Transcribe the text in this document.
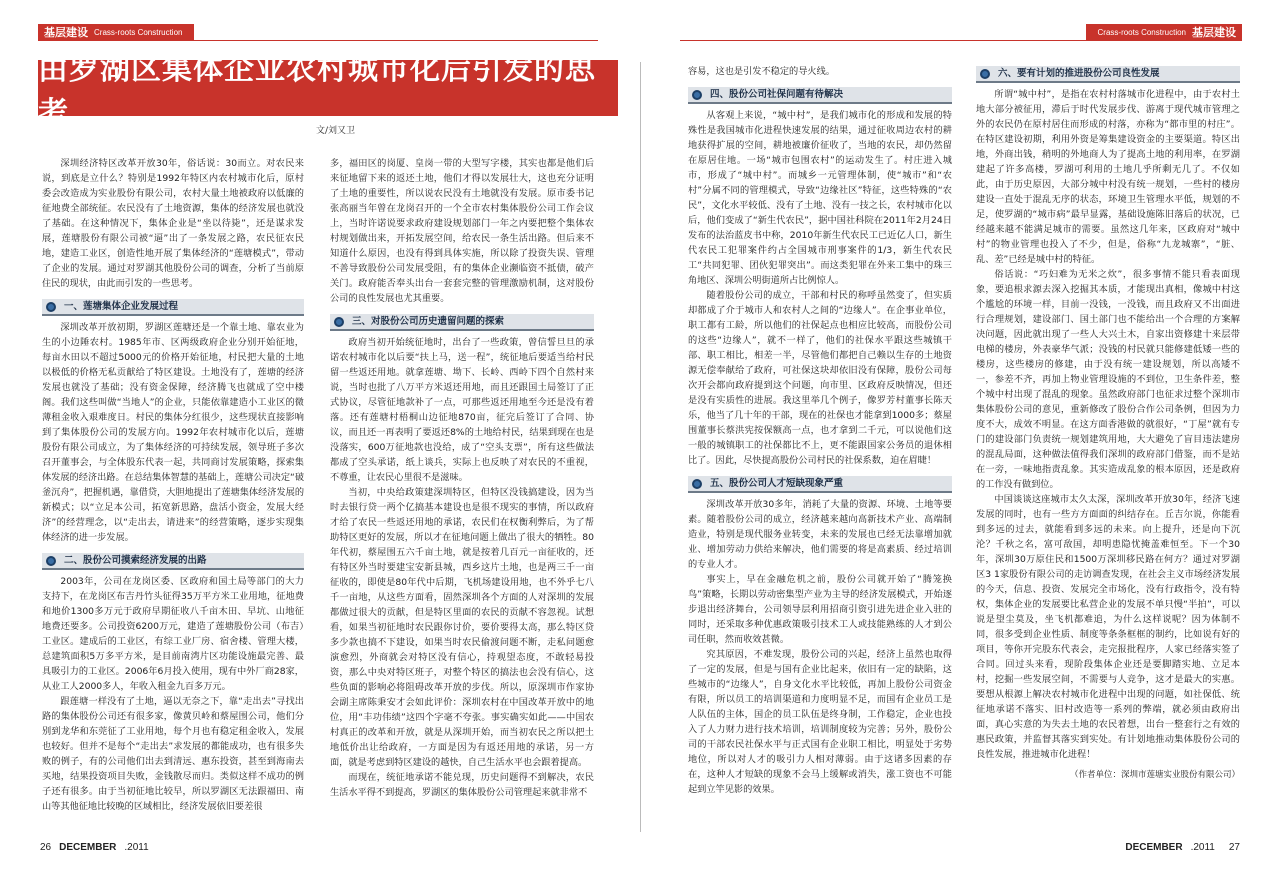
基层建设 Crass-roots Construction	Crass-roots Construction 基层建设
由罗湖区集体企业农村城市化后引发的思考	文/刘又卫

深圳经济特区改革开放30年，俗话说：30而立。对农民来说，到底是立什么？特别是1992年特区内农村城市化后，原村委会改造成为实业股份有限公司，农村大量土地被政府以低廉的征地费全部统征。农民没有了土地资源，集体的经济发展也就没了基础。在这种情况下，集体企业是“坐以待毙”，还是谋求发展，莲塘股份有限公司被“逼”出了一条发展之路，农民征农民地，建造工业区，创造性地开展了集体经济的“莲塘模式”，带动了企业的发展。通过对罗湖其他股份公司的调查，分析了当前原住民的现状，由此而引发的一些思考。

一、莲塘集体企业发展过程

深圳改革开放初期，罗湖区莲塘还是一个靠土地、靠农业为生的小边陲农村。1985年市、区两级政府企业分别开始征地，每亩水田以不超过5000元的价格开始征地，村民把大量的土地以极低的价格无私贡献给了特区建设。土地没有了，莲塘的经济发展也就没了基础；没有资金保障，经济腾飞也就成了空中楼阁。我们这些叫做“当地人”的企业，只能依靠建造小工业区的微薄租金收入艰难度日。村民的集体分红很少，这些现状直接影响到了集体股份公司的发展方向。1992年农村城市化以后，莲塘股份有限公司成立，为了集体经济的可持续发展，领导班子多次召开董事会，与全体股东代表一起，共同商讨发展策略，探索集体发展的经济出路。在总结集体智慧的基础上，莲塘公司决定“破釜沉舟”，把握机遇，靠借贷，大胆地提出了莲塘集体经济发展的新模式；以“立足本公司，拓宽新思路，盘活小资金，发展大经济”的经营理念，以“走出去，请进来”的经营策略，逐步实现集体经济的进一步发展。

二、股份公司摸索经济发展的出路

2003年，公司在龙岗区委、区政府和国土局等部门的大力支持下，在龙岗区布吉丹竹头征得35万平方米工业用地，征地费和地价1300多万元于政府早期征收八千亩木田、早坑、山地征地费还要多。公司投资6200万元，建造了莲塘股份公司（布吉）工业区。建成后的工业区，有综工业厂房、宿舍楼、管理大楼，总建筑面积5万多平方米，是目前南湾片区功能设施最完善、最具吸引力的工业区。2006年6月投入使用，现有中外厂商28家，从业工人2000多人，年收入租金九百多万元。

跟莲塘一样没有了土地，逼以无奈之下，靠“走出去”寻找出路的集体股份公司还有很多家，像黄贝岭和蔡屋围公司，他们分别到龙华和东莞征了工业用地，每个月也有稳定租金收入，发展也较好。但并不是每个“走出去”求发展的都能成功，也有很多失败的例子，有的公司他们出去到清远、惠东投资，甚至到海南去买地，结果投资项目失败，金钱散尽而归。类似这样不成功的例子还有很多。由于当初征地比较早，所以罗湖区无法跟福田、南山等其他征地比较晚的区域相比，经济发展依旧要差很

多，福田区的岗厦、皇岗一带的大型写字楼，其实也都是他们后来征地留下来的返还土地，他们才得以发展壮大，这也充分证明了土地的重要性，所以说农民没有土地就没有发展。原市委书记张高丽当年曾在龙岗召开的一个全市农村集体股份公司工作会议上，当时许诺说要求政府建设规划部门一年之内要把整个集体农村规划做出来，开拓发展空间，给农民一条生活出路。但后来不知道什么原因，也没有得到具体实施，所以除了投资失误、管理不善导致股份公司发展受阻，有的集体企业濒临资不抵债，破产关门。政府能否奉头出台一套套完整的管理激励机制，这对股份公司的良性发展也尤其重要。

三、对股份公司历史遗留问题的探索

政府当初开始统征地时，出台了一些政策，曾信誓旦旦的承诺农村城市化以后要“扶上马，送一程”，统征地后要适当给村民留一些返还用地。就拿莲塘、坳下、长岭、西岭下四个自然村来说，当时也批了八万平方米返还用地，而且还跟国土局签订了正式协议，尽管征地款补了一点，可那些返还用地至今还是没有着落。还有莲塘村梧桐山边征地870亩，征完后签订了合同、协议，而且还一再表明了要返还8%的土地给村民，结果到现在也是没落实，600万征地款也没给，成了“空头支票”，所有这些做法都成了空头承诺，纸上谈兵，实际上也反映了对农民的不重视，不尊重，让农民心里很不是滋味。

当初，中央给政策建深圳特区，但特区没钱搞建设，因为当时去银行贷一两个亿搞基本建设也是很不现实的事情，所以政府才给了农民一些返还用地的承诺，农民们在权衡利弊后，为了帮助特区更好的发展，所以才在征地问题上做出了很大的牺牲。80年代初，蔡屋围五六千亩土地，就是按着几百元一亩征收的，还有特区外当时要建宝安新县城，西乡这片土地，也是两三千一亩征收的，即使是80年代中后期，飞机场建设用地，也不外乎七八千一亩地，从这些方面看，固然深圳各个方面的人对深圳的发展都做过很大的贡献，但是特区里面的农民的贡献不容忽视。试想看，如果当初征地时农民跟你讨价，要价要得太高，那么特区贷多少款也搞不下建设，如果当时农民偷渡问题不断，走私问题愈演愈烈，外商就会对特区没有信心，持观望态度，不敢轻易投资，那么中央对特区班子，对整个特区的搞法也会没有信心，这些负面的影响必将阻碍改革开放的步伐。所以，原深圳市作家协会副主席陈秉安才会如此评价：深圳农村在中国改革开放中的地位，用“丰功伟绩”这四个字毫不夸张。事实确实如此——中国农村真正的改革和开放，就是从深圳开始，而当初农民之所以把土地低价出让给政府，一方面是因为有返还用地的承诺，另一方面，就是考虑到特区建设的越快，自己生活水平也会跟着提高。

而现在，统征地承诺不能兑现，历史问题得不到解决，农民生活水平得不到提高，罗湖区的集体股份公司管理起来就非常不

容易，这也是引发不稳定的导火线。

四、股份公司社保问题有待解决

从客观上来说，“城中村”，是我们城市化的形成和发展的特殊性是我国城市化进程快速发展的结果，通过征收周边农村的耕地获得扩展的空间，耕地被廉价征收了，当地的农民，却仍然留在原居住地。一场“城市包围农村”的运动发生了。村庄进入城市，形成了“城中村”。而城乡一元管理体制，使“城市”和“农村”分属不同的管理模式，导致“边缘社区”特征，这些特殊的“农民”，文化水平较低、没有了土地、没有一技之长，农村城市化以后，他们变成了“新生代农民”，据中国社科院在2011年2月24日发布的法治蓝皮书中称，2010年新生代农民工已近亿人口，新生代农民工犯罪案件约占全国城市刑事案件的1/3，新生代农民工“共同犯罪、团伙犯罪突出”。而这类犯罪在外来工集中的珠三角地区、深圳公明街道所占比例惊人。

随着股份公司的成立，干部和村民的称呼虽然变了，但实质却都成了介于城市人和农村人之间的“边缘人”。在企事业单位，职工都有工龄，所以他们的社保起点也相应比较高，而股份公司的这些“边缘人”，就不一样了，他们的社保水平跟这些城镇干部、职工相比，相差一半，尽管他们都把自己赖以生存的土地资源无偿奉献给了政府，可社保这块却依旧没有保障，股份公司每次开会都向政府提到这个问题，向市里、区政府反映情况，但还是没有实质性的进展。我这里举几个例子，像罗芳村董事长陈天乐，他当了几十年的干部，现在的社保也才能拿到1000多；蔡屋围董事长蔡洪宪按保额高一点，也才拿到二千元，可以说他们这一般的城镇职工的社保都比不上，更不能跟国家公务员的退休相比了。因此，尽快提高股份公司村民的社保系数，迫在眉睫！

五、股份公司人才短缺现象严重

深圳改革开放30多年，消耗了大量的资源、环境、土地等要素。随着股份公司的成立，经济越来越向高新技术产业、高端制造业，特别是现代服务业转变，未来的发展也已经无法靠增加就业、增加劳动力供给来解决，他们需要的将是高素质、经过培训的专业人才。

事实上，早在金融危机之前，股份公司就开始了“腾笼换鸟”策略，长期以劳动密集型产业为主导的经济发展模式，开始逐步退出经济舞台，公司领导层利用招商引资引进先进企业入驻的同时，还采取多种优惠政策吸引技术工人或技能熟练的人才到公司任职，然而收效甚微。

究其原因，不难发现，股份公司的兴起，经济上虽然也取得了一定的发展，但是与国有企业比起来，依旧有一定的缺陷，这些城市的“边缘人”，自身文化水平比较低，再加上股份公司资金有限，所以员工的培训渠道和力度明显不足，而国有企业员工是人队伍的主体，国企的员工队伍是终身制，工作稳定，企业也投入了人力财力进行技术培训，培训制度较为完善；另外，股份公司的干部农民社保水平与正式国有企业职工相比，明显处于劣势地位，所以对人才的吸引力人相对薄弱。由于这诸多因素的存在，这种人才短缺的现象不会马上缓解或消失，涨工资也不可能起到立竿见影的效果。

六、要有计划的推进股份公司良性发展

所谓“城中村”，是指在农村村落城市化进程中，由于农村土地大部分被征用，滞后于时代发展步伐、游离于现代城市管理之外的农民仍在原村居住而形成的村落，亦称为“都市里的村庄”。在特区建设初期，利用外资是筹集建设资金的主要渠道。特区出地，外商出钱，稍明的外地商人为了提高土地的利用率，在罗湖建起了许多高楼，罗湖可利用的土地几乎所剩无几了。不仅如此，由于历史原因，大部分城中村没有统一规划，一些村的楼房建设一直处于混乱无序的状态，环境卫生管理水平低，规划的不足，使罗湖的“城市病”最早显露，基础设施陈旧落后的状况，已经越来越不能满足城市的需要。虽然这几年来，区政府对“城中村”的物业管理也投入了不少，但是，俗称“九龙城寨”，“脏、乱、差”已经是城中村的特征。

俗话说：“巧妇难为无米之炊”，很多事情不能只看表面现象，要追根求源去深入挖掘其本质，才能现出真相，像城中村这个尴尬的环境一样，目前一没钱，一没钱，而且政府又不出面进行合理规划，建设部门、国土部门也不能给出一个合理的方案解决问题，因此就出现了一些人大兴土木，自家出资修建十来层带电梯的楼房，外表豪华气派；没钱的村民就只能修建低矮一些的楼房，这些楼房的修建，由于没有统一建设规划，所以高矮不一，参差不齐，再加上物业管理设施的不到位，卫生条件差，整个城中村出现了混乱的现象。虽然政府部门也征求过整个深圳市集体股份公司的意见，重新修改了股份合作公司条例，但因为力度不大，成效不明显。在这方面香港做的就很好，“丁屋”就有专门的建设部门负责统一规划建筑用地，大大避免了盲目违法建房的混乱局面，这种做法值得我们深圳的政府部门借鉴，而不是站在一旁，一味地指责乱象。其实造成乱象的根本原因，还是政府的工作没有做到位。

中国谈谈这座城市太久太深，深圳改革开放30年，经济飞速发展的同时，也有一些方方面面的纠结存在。丘吉尔说，你能看到多远的过去，就能看到多远的未来。向上提升，还是向下沉沦？千秋之名，富可敌国，却明患隐忧掩盖难恒至。下一个30年，深圳30万原住民和1500万深圳移民路在何方？通过对罗湖区3 1家股份有限公司的走访调查发现，在社会主义市场经济发展的今天，信息、投资、发展完全市场化，没有行政指令，没有特权，集体企业的发展要比私营企业的发展不单只慢“半拍”，可以说是望尘莫及，坐飞机都难追，为什么这样说呢？因为体制不同，很多受到企业性质、制度等条条框框的制约，比如说有好的项目，等你开完股东代表会，走完报批程序，人家已经落实签了合同。回过头来看，现阶段集体企业还是要脚踏实地、立足本村，挖掘一些发展空间，不需要与人竞争，这才是最大的实惠。要想从根源上解决农村城市化进程中出现的问题，如社保低、统征地承诺不落实、旧村改造等一系列的弊端，就必须由政府出面，真心实意的为失去土地的农民着想，出台一整套行之有效的惠民政策，并监督其落实到实处。有计划地推动集体股份公司的良性发展，推进城市化进程！

（作者单位：深圳市莲塘实业股份有限公司）
26 DECEMBER .2011	DECEMBER .2011 27
